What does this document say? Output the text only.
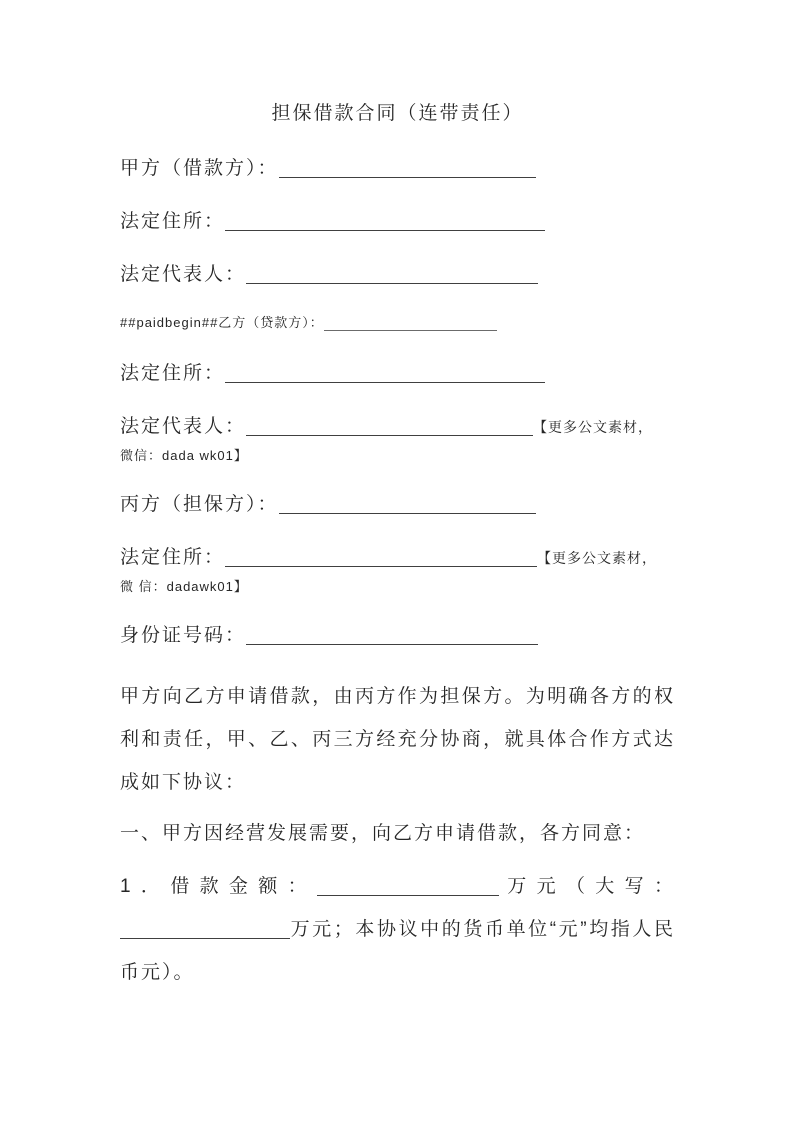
担保借款合同（连带责任）
甲方（借款方）：
法定住所：
法定代表人：
##paidbegin##乙方（贷款方）：
法定住所：
法定代表人：	【更多公文素材，
微信：dada wk01】
丙方（担保方）：
法定住所：	【更多公文素材，
微 信：dadawk01】
身份证号码：

甲方向乙方申请借款，由丙方作为担保方。为明确各方的权利和责任，甲、乙、丙三方经充分协商，就具体合作方式达成如下协议：

一、甲方因经营发展需要，向乙方申请借款，各方同意：

1．借款金额：	万元（大写：万元；本协议中的货币单位“元”均指人民币元）。
